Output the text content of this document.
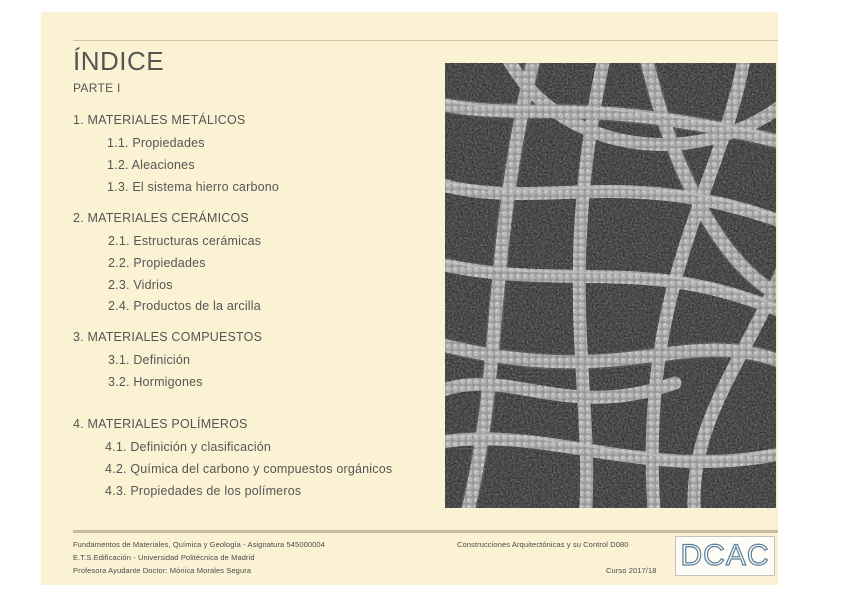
ÍNDICE
PARTE I
1. MATERIALES METÁLICOS
1.1. Propiedades
1.2. Aleaciones
1.3. El sistema hierro carbono
2. MATERIALES CERÁMICOS
2.1. Estructuras cerámicas
2.2. Propiedades
2.3. Vidrios
2.4. Productos de la arcilla
3. MATERIALES COMPUESTOS
3.1. Definición
3.2. Hormigones
4. MATERIALES POLÍMEROS
4.1. Definición y clasificación
4.2. Química del carbono y compuestos orgánicos
4.3. Propiedades de los polímeros
Fundamentos de Materiales, Química y Geología - Asignatura 545000004
E.T.S.Edificación - Universidad Politécnica de Madrid
Profesora Ayudante Doctor: Mónica Morales Segura
Construcciones Arquitectónicas y su Control D080
Curso 2017/18 DCAC
